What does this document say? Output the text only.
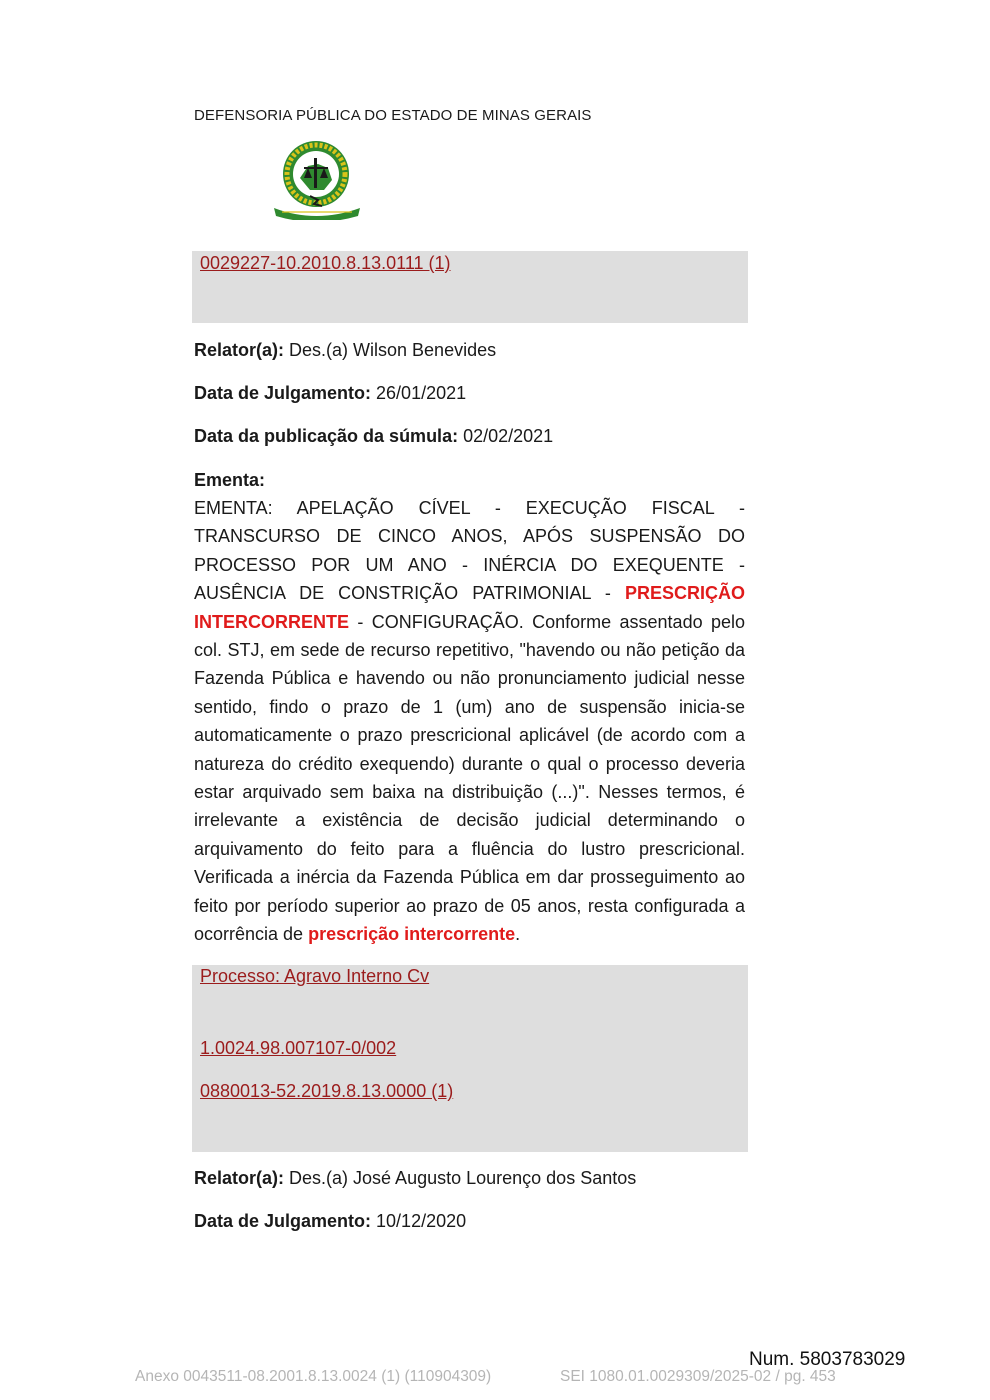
DEFENSORIA PÚBLICA DO ESTADO DE MINAS GERAIS
0029227-10.2010.8.13.0111 (1)
Relator(a): Des.(a) Wilson Benevides
Data de Julgamento: 26/01/2021
Data da publicação da súmula: 02/02/2021
Ementa:
EMENTA: APELAÇÃO CÍVEL - EXECUÇÃO FISCAL - TRANSCURSO DE CINCO ANOS, APÓS SUSPENSÃO DO PROCESSO POR UM ANO - INÉRCIA DO EXEQUENTE - AUSÊNCIA DE CONSTRIÇÃO PATRIMONIAL - PRESCRIÇÃO INTERCORRENTE - CONFIGURAÇÃO. Conforme assentado pelo col. STJ, em sede de recurso repetitivo, "havendo ou não petição da Fazenda Pública e havendo ou não pronunciamento judicial nesse sentido, findo o prazo de 1 (um) ano de suspensão inicia-se automaticamente o prazo prescricional aplicável (de acordo com a natureza do crédito exequendo) durante o qual o processo deveria estar arquivado sem baixa na distribuição (...)". Nesses termos, é irrelevante a existência de decisão judicial determinando o arquivamento do feito para a fluência do lustro prescricional. Verificada a inércia da Fazenda Pública em dar prosseguimento ao feito por período superior ao prazo de 05 anos, resta configurada a ocorrência de prescrição intercorrente.
Processo: Agravo Interno Cv
1.0024.98.007107-0/002
0880013-52.2019.8.13.0000 (1)
Relator(a): Des.(a) José Augusto Lourenço dos Santos
Data de Julgamento: 10/12/2020
Num. 5803783029
Anexo 0043511-08.2001.8.13.0024 (1) (110904309)	SEI 1080.01.0029309/2025-02 / pg. 453
